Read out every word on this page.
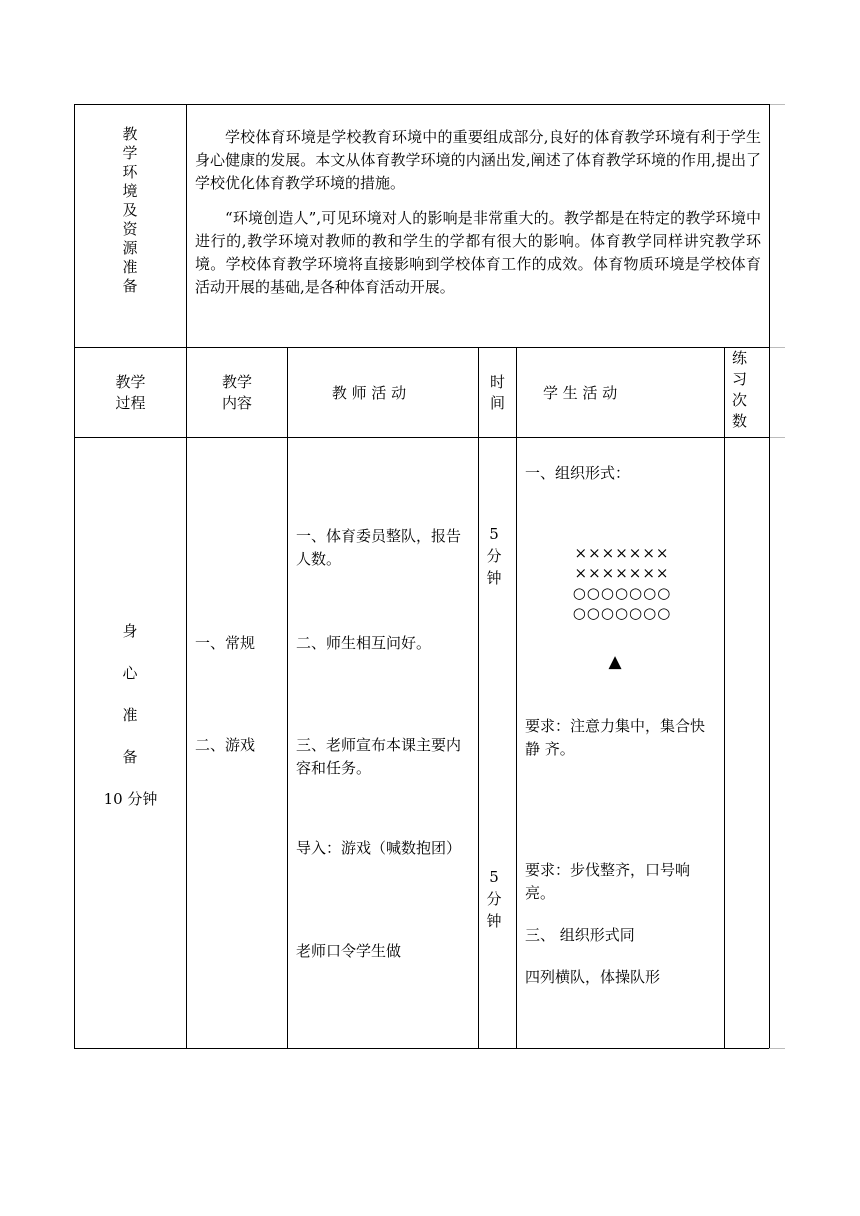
教
学
环
境
及
资
源
准
备

学校体育环境是学校教育环境中的重要组成部分,良好的体育教学环境有利于学生身心健康的发展。本文从体育教学环境的内涵出发,阐述了体育教学环境的作用,提出了学校优化体育教学环境的措施。

“环境创造人”,可见环境对人的影响是非常重大的。教学都是在特定的教学环境中进行的,教学环境对教师的教和学生的学都有很大的影响。体育教学同样讲究教学环境。学校体育教学环境将直接影响到学校体育工作的成效。体育物质环境是学校体育活动开展的基础,是各种体育活动开展。

教学
过程
教学
内容
教 师 活 动
时
间
学 生 活 动
练
习
次
数
身
心
准
备
10 分钟
一、常规
二、游戏
一、体育委员整队，报告人数。
二、师生相互问好。
三、老师宣布本课主要内容和任务。
导入：游戏（喊数抱团）
老师口令学生做
5
分
钟
5
分
钟
一、组织形式：
×××××××
×××××××
○○○○○○○
○○○○○○○
▲
要求：注意力集中，集合快静 齐。
要求：步伐整齐，口号响亮。
三、 组织形式同
四列横队，体操队形
